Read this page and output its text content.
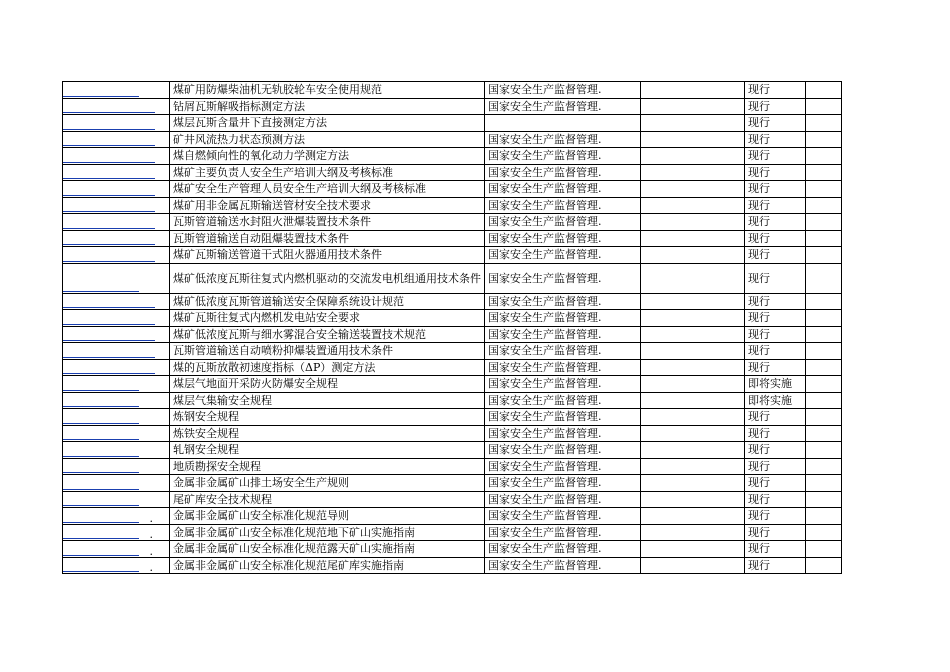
	煤矿用防爆柴油机无轨胶轮车安全使用规范	国家安全生产监督管理.		现行	

	钻屑瓦斯解吸指标测定方法	国家安全生产监督管理.		现行	

	煤层瓦斯含量井下直接测定方法			现行	

	矿井风流热力状态预测方法	国家安全生产监督管理.		现行	

	煤自燃倾向性的氧化动力学测定方法	国家安全生产监督管理.		现行	

	煤矿主要负责人安全生产培训大纲及考核标准	国家安全生产监督管理.		现行	

	煤矿安全生产管理人员安全生产培训大纲及考核标准	国家安全生产监督管理.		现行	

	煤矿用非金属瓦斯输送管材安全技术要求	国家安全生产监督管理.		现行	

	瓦斯管道输送水封阻火泄爆装置技术条件	国家安全生产监督管理.		现行	

	瓦斯管道输送自动阻爆装置技术条件	国家安全生产监督管理.		现行	

	煤矿瓦斯输送管道干式阻火器通用技术条件	国家安全生产监督管理.		现行	

	煤矿低浓度瓦斯往复式内燃机驱动的交流发电机组通用技术条件	国家安全生产监督管理.		现行	

	煤矿低浓度瓦斯管道输送安全保障系统设计规范	国家安全生产监督管理.		现行	

	煤矿瓦斯往复式内燃机发电站安全要求	国家安全生产监督管理.		现行	

	煤矿低浓度瓦斯与细水雾混合安全输送装置技术规范	国家安全生产监督管理.		现行	

	瓦斯管道输送自动喷粉抑爆装置通用技术条件	国家安全生产监督管理.		现行	

	煤的瓦斯放散初速度指标（ΔP）测定方法	国家安全生产监督管理.		现行	

	煤层气地面开采防火防爆安全规程	国家安全生产监督管理.		即将实施	

	煤层气集输安全规程	国家安全生产监督管理.		即将实施	

	炼钢安全规程	国家安全生产监督管理.		现行	

	炼铁安全规程	国家安全生产监督管理.		现行	

	轧钢安全规程	国家安全生产监督管理.		现行	

	地质勘探安全规程	国家安全生产监督管理.		现行	

	金属非金属矿山排土场安全生产规则	国家安全生产监督管理.		现行	

	尾矿库安全技术规程	国家安全生产监督管理.		现行	

.	金属非金属矿山安全标准化规范导则	国家安全生产监督管理.		现行	

.	金属非金属矿山安全标准化规范地下矿山实施指南	国家安全生产监督管理.		现行	

.	金属非金属矿山安全标准化规范露天矿山实施指南	国家安全生产监督管理.		现行	

.	金属非金属矿山安全标准化规范尾矿库实施指南	国家安全生产监督管理.		现行	
